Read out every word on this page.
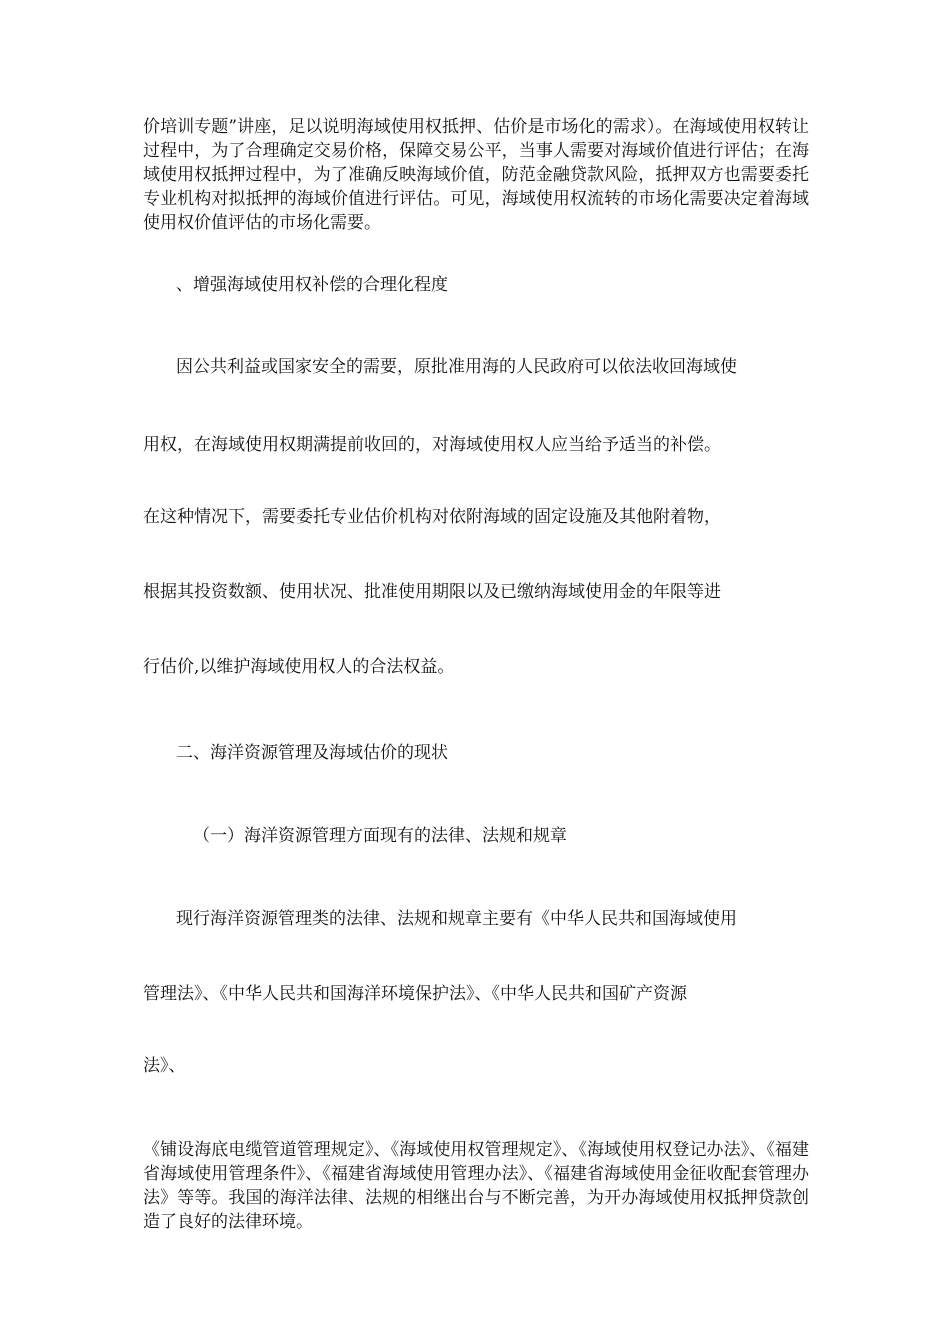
价培训专题”讲座，足以说明海域使用权抵押、估价是市场化的需求）。在海域使用权转让过程中，为了合理确定交易价格，保障交易公平，当事人需要对海域价值进行评估；在海域使用权抵押过程中，为了准确反映海域价值，防范金融贷款风险，抵押双方也需要委托专业机构对拟抵押的海域价值进行评估。可见，海域使用权流转的市场化需要决定着海域使用权价值评估的市场化需要。

、增强海域使用权补偿的合理化程度

因公共利益或国家安全的需要，原批准用海的人民政府可以依法收回海域使

用权，在海域使用权期满提前收回的，对海域使用权人应当给予适当的补偿。

在这种情况下，需要委托专业估价机构对依附海域的固定设施及其他附着物，

根据其投资数额、使用状况、批准使用期限以及已缴纳海域使用金的年限等进

行估价,以维护海域使用权人的合法权益。

二、海洋资源管理及海域估价的现状

（一）海洋资源管理方面现有的法律、法规和规章

现行海洋资源管理类的法律、法规和规章主要有《中华人民共和国海域使用

管理法》、《中华人民共和国海洋环境保护法》、《中华人民共和国矿产资源

法》、

《铺设海底电缆管道管理规定》、《海域使用权管理规定》、《海域使用权登记办法》、《福建省海域使用管理条件》、《福建省海域使用管理办法》、《福建省海域使用金征收配套管理办法》等等。我国的海洋法律、法规的相继出台与不断完善，为开办海域使用权抵押贷款创造了良好的法律环境。
